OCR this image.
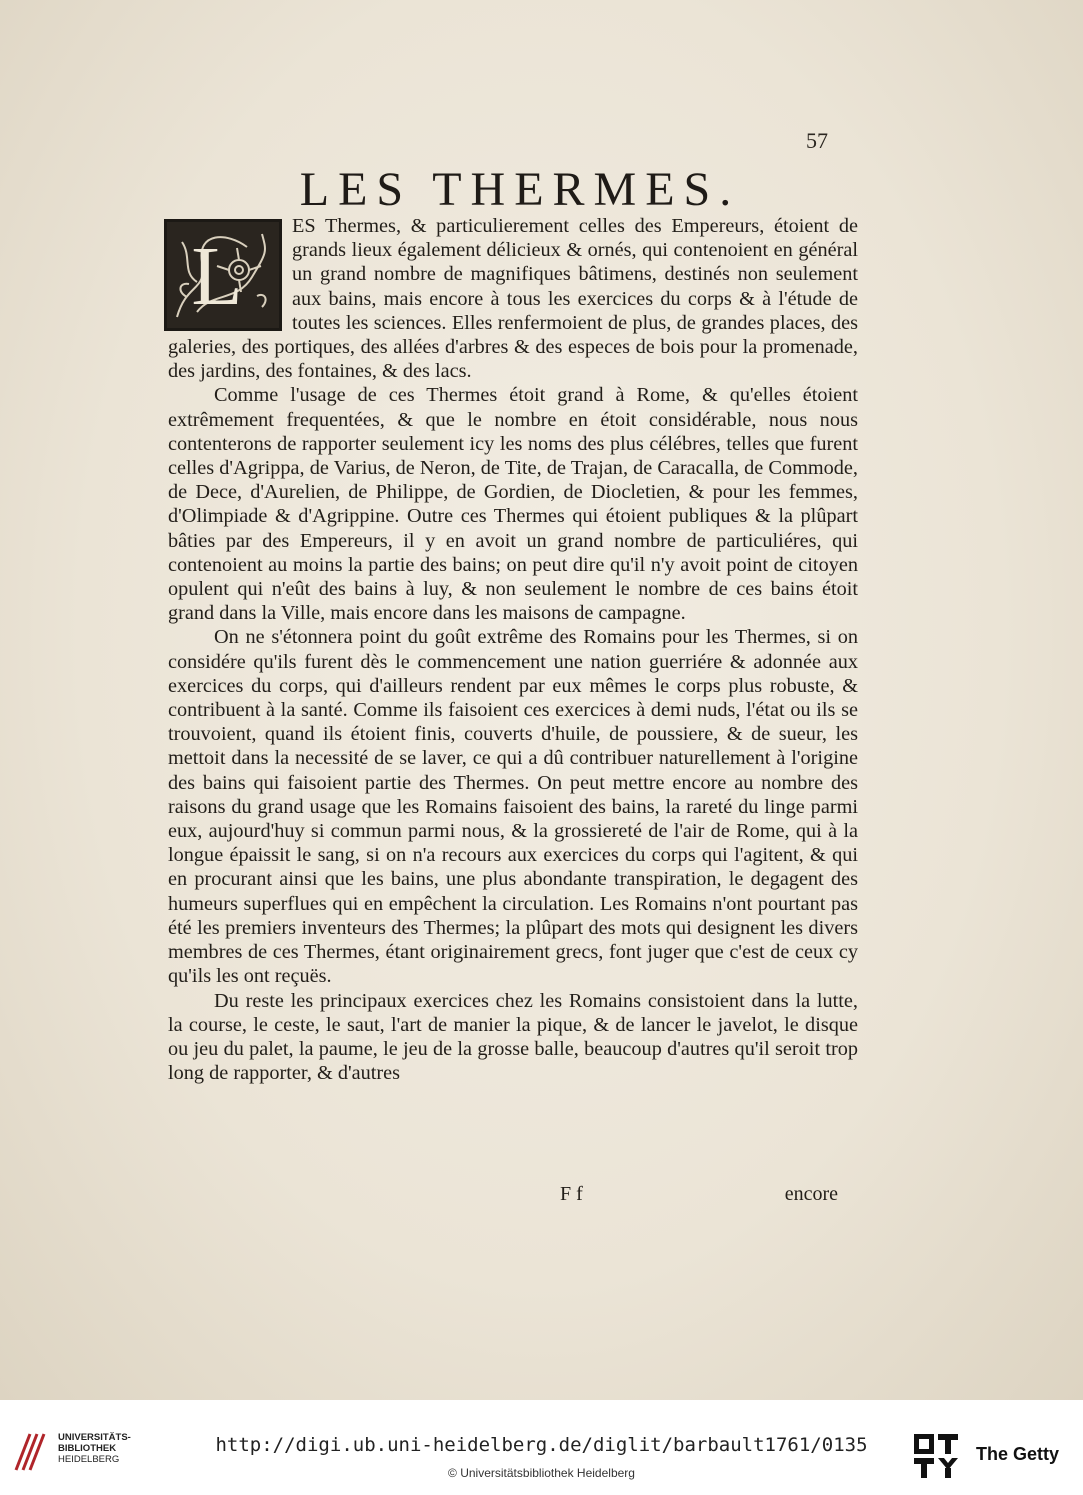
57
LES THERMES.
L

ES Thermes, & particulierement celles des Empereurs, étoient de grands lieux également délicieux & ornés, qui contenoient en général un grand nombre de magnifiques bâtimens, destinés non seulement aux bains, mais encore à tous les exercices du corps & à l'étude de toutes les sciences. Elles renfermoient de plus, de grandes places, des galeries, des portiques, des allées d'arbres & des especes de bois pour la promenade, des jardins, des fontaines, & des lacs.

Comme l'usage de ces Thermes étoit grand à Rome, & qu'elles étoient extrêmement frequentées, & que le nombre en étoit considérable, nous nous contenterons de rapporter seulement icy les noms des plus célébres, telles que furent celles d'Agrippa, de Varius, de Neron, de Tite, de Trajan, de Caracalla, de Commode, de Dece, d'Aurelien, de Philippe, de Gordien, de Diocletien, & pour les femmes, d'Olimpiade & d'Agrippine. Outre ces Thermes qui étoient publiques & la plûpart bâties par des Empereurs, il y en avoit un grand nombre de particuliéres, qui contenoient au moins la partie des bains; on peut dire qu'il n'y avoit point de citoyen opulent qui n'eût des bains à luy, & non seulement le nombre de ces bains étoit grand dans la Ville, mais encore dans les maisons de campagne.

On ne s'étonnera point du goût extrême des Romains pour les Thermes, si on considére qu'ils furent dès le commencement une nation guerriére & adonnée aux exercices du corps, qui d'ailleurs rendent par eux mêmes le corps plus robuste, & contribuent à la santé. Comme ils faisoient ces exercices à demi nuds, l'état ou ils se trouvoient, quand ils étoient finis, couverts d'huile, de poussiere, & de sueur, les mettoit dans la necessité de se laver, ce qui a dû contribuer naturellement à l'origine des bains qui faisoient partie des Thermes. On peut mettre encore au nombre des raisons du grand usage que les Romains faisoient des bains, la rareté du linge parmi eux, aujourd'huy si commun parmi nous, & la grossiereté de l'air de Rome, qui à la longue épaissit le sang, si on n'a recours aux exercices du corps qui l'agitent, & qui en procurant ainsi que les bains, une plus abondante transpiration, le degagent des humeurs superflues qui en empêchent la circulation. Les Romains n'ont pourtant pas été les premiers inventeurs des Thermes; la plûpart des mots qui designent les divers membres de ces Thermes, étant originairement grecs, font juger que c'est de ceux cy qu'ils les ont reçuës.

Du reste les principaux exercices chez les Romains consistoient dans la lutte, la course, le ceste, le saut, l'art de manier la pique, & de lancer le javelot, le disque ou jeu du palet, la paume, le jeu de la grosse balle, beaucoup d'autres qu'il seroit trop long de rapporter, & d'autres

F f	encore
UNIVERSITÄTS-
BIBLIOTHEK
HEIDELBERG
http://digi.ub.uni-heidelberg.de/diglit/barbault1761/0135
© Universitätsbibliothek Heidelberg
The Getty
